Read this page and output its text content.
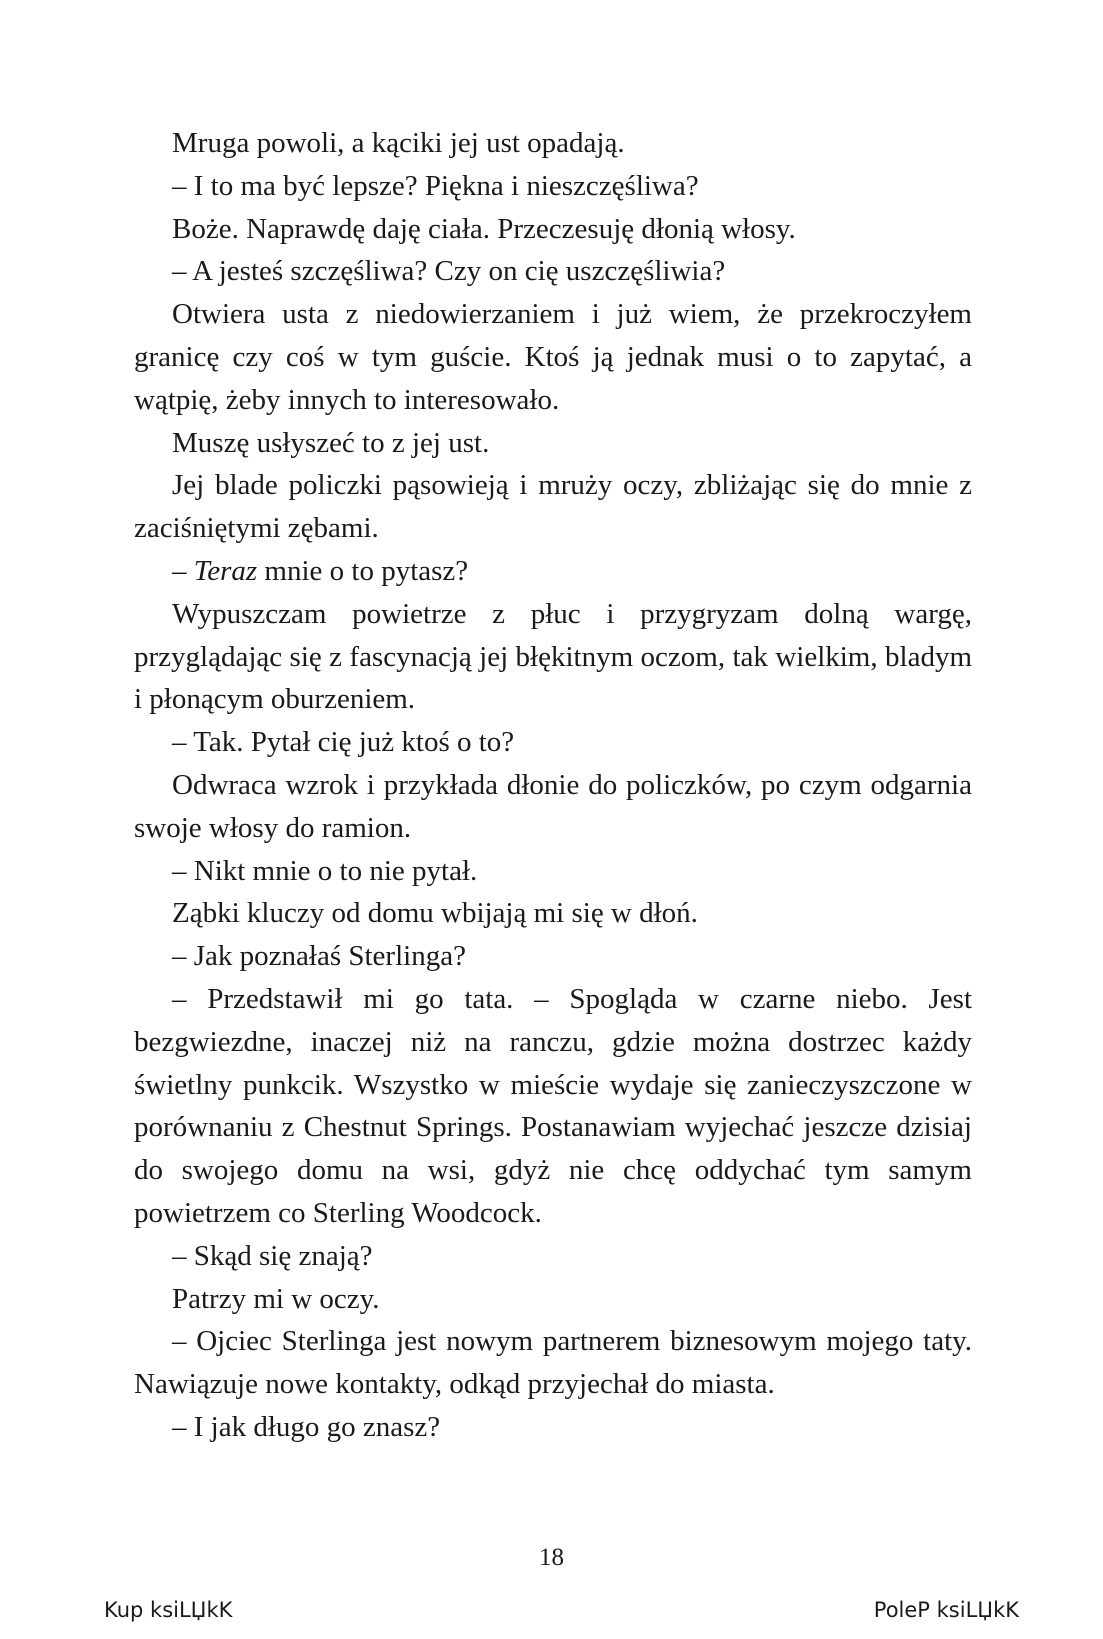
Mruga powoli, a kąciki jej ust opadają.

– I to ma być lepsze? Piękna i nieszczęśliwa?

Boże. Naprawdę daję ciała. Przeczesuję dłonią włosy.

– A jesteś szczęśliwa? Czy on cię uszczęśliwia?

Otwiera usta z niedowierzaniem i już wiem, że przekroczyłem granicę czy coś w tym guście. Ktoś ją jednak musi o to zapytać, a wątpię, żeby innych to interesowało.

Muszę usłyszeć to z jej ust.

Jej blade policzki pąsowieją i mruży oczy, zbliżając się do mnie z zaciśniętymi zębami.

– Teraz mnie o to pytasz?

Wypuszczam powietrze z płuc i przygryzam dolną wargę, przyglądając się z fascynacją jej błękitnym oczom, tak wielkim, bladym i płonącym oburzeniem.

– Tak. Pytał cię już ktoś o to?

Odwraca wzrok i przykłada dłonie do policzków, po czym odgarnia swoje włosy do ramion.

– Nikt mnie o to nie pytał.

Ząbki kluczy od domu wbijają mi się w dłoń.

– Jak poznałaś Sterlinga?

– Przedstawił mi go tata. – Spogląda w czarne niebo. Jest bezgwiezdne, inaczej niż na ranczu, gdzie można dostrzec każdy świetlny punkcik. Wszystko w mieście wydaje się zanieczyszczone w porównaniu z Chestnut Springs. Postanawiam wyjechać jeszcze dzisiaj do swojego domu na wsi, gdyż nie chcę oddychać tym samym powietrzem co Sterling Woodcock.

– Skąd się znają?

Patrzy mi w oczy.

– Ojciec Sterlinga jest nowym partnerem biznesowym mojego taty. Nawiązuje nowe kontakty, odkąd przyjechał do miasta.

– I jak długo go znasz?

18
Kup ksiLЏkK	PoleP ksiLЏkK
